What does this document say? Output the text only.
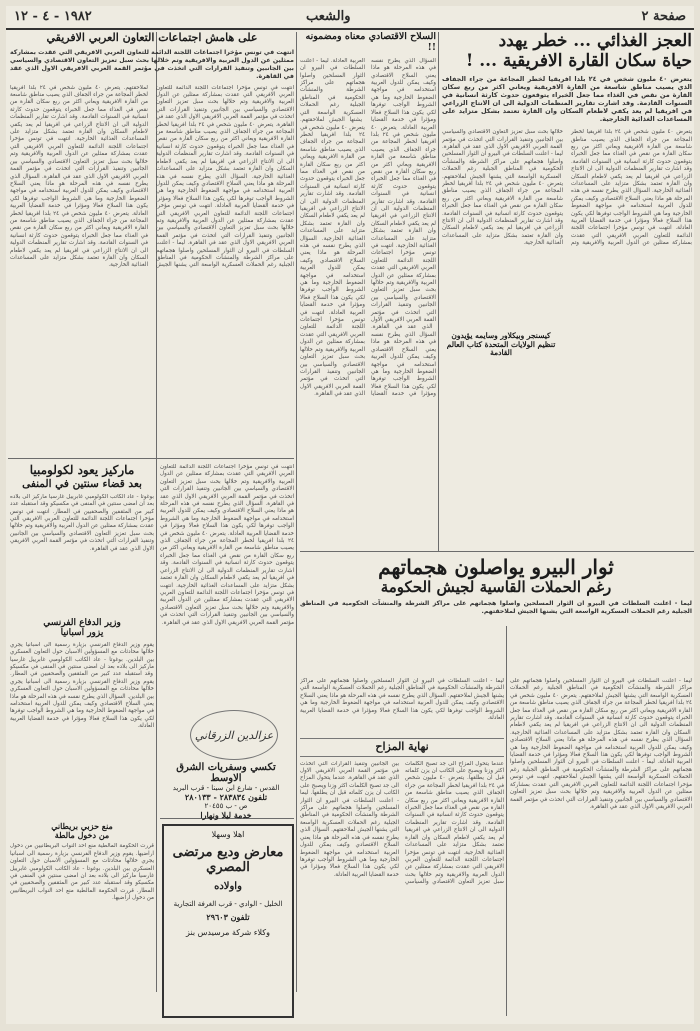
صفحة ٢
والشعب
١٩٨٢ - ٤ - ١٢
العجز الغذائي ... خطر يهدد
حياة سكان القارة الافريقية ... !
يتعرض ٤٠ مليون شخص في ٢٤ بلدا افريقيا لخطر المجاعة من جراء الجفاف الذي يصيب مناطق شاسعة من القارة الافريقية ويعاني اكثر من ربع سكان القارة من نقص في الغذاء مما جعل الخبراء يتوقعون حدوث كارثة انسانية في السنوات القادمة. وقد اشارت تقارير المنظمات الدولية الى ان الانتاج الزراعي في افريقيا لم يعد يكفي لاطعام السكان وان القارة تعتمد بشكل متزايد على المساعدات الغذائية الخارجية.
يتعرض ٤٠ مليون شخص في ٢٤ بلدا افريقيا لخطر المجاعة من جراء الجفاف الذي يصيب مناطق شاسعة من القارة الافريقية ويعاني اكثر من ربع سكان القارة من نقص في الغذاء مما جعل الخبراء يتوقعون حدوث كارثة انسانية في السنوات القادمة. وقد اشارت تقارير المنظمات الدولية الى ان الانتاج الزراعي في افريقيا لم يعد يكفي لاطعام السكان وان القارة تعتمد بشكل متزايد على المساعدات الغذائية الخارجية. السؤال الذي يطرح نفسه في هذه المرحلة هو ماذا يعني السلاح الاقتصادي وكيف يمكن للدول العربية استخدامه في مواجهة الضغوط الخارجية وما هي الشروط الواجب توفرها لكي يكون هذا السلاح فعالا ومؤثرا في خدمة القضايا العربية العادلة. انتهت في تونس مؤخرا اجتماعات اللجنة الدائمة للتعاون العربي الافريقي التي عقدت بمشاركة ممثلين عن الدول العربية والافريقية وتم خلالها بحث سبل تعزيز التعاون الاقتصادي والسياسي بين الجانبين وتنفيذ القرارات التي اتخذت في مؤتمر القمة العربي الافريقي الاول الذي عقد في القاهرة. ليما - اعلنت السلطات في البيرو ان الثوار المسلحين واصلوا هجماتهم على مراكز الشرطة والمنشآت الحكومية في المناطق الجبلية رغم الحملات العسكرية الواسعة التي يشنها الجيش لملاحقتهم. يتعرض ٤٠ مليون شخص في ٢٤ بلدا افريقيا لخطر المجاعة من جراء الجفاف الذي يصيب مناطق شاسعة من القارة الافريقية ويعاني اكثر من ربع سكان القارة من نقص في الغذاء مما جعل الخبراء يتوقعون حدوث كارثة انسانية في السنوات القادمة. وقد اشارت تقارير المنظمات الدولية الى ان الانتاج الزراعي في افريقيا لم يعد يكفي لاطعام السكان وان القارة تعتمد بشكل متزايد على المساعدات الغذائية الخارجية.
كيسنجر وبيكلاور وسايمه يؤيدون تنظيم الولايات المتحدة كتاب العالم القادمة
السلاح الاقتصادي معناه ومضمونه !!
السؤال الذي يطرح نفسه في هذه المرحلة هو ماذا يعني السلاح الاقتصادي وكيف يمكن للدول العربية استخدامه في مواجهة الضغوط الخارجية وما هي الشروط الواجب توفرها لكي يكون هذا السلاح فعالا ومؤثرا في خدمة القضايا العربية العادلة. يتعرض ٤٠ مليون شخص في ٢٤ بلدا افريقيا لخطر المجاعة من جراء الجفاف الذي يصيب مناطق شاسعة من القارة الافريقية ويعاني اكثر من ربع سكان القارة من نقص في الغذاء مما جعل الخبراء يتوقعون حدوث كارثة انسانية في السنوات القادمة. وقد اشارت تقارير المنظمات الدولية الى ان الانتاج الزراعي في افريقيا لم يعد يكفي لاطعام السكان وان القارة تعتمد بشكل متزايد على المساعدات الغذائية الخارجية. انتهت في تونس مؤخرا اجتماعات اللجنة الدائمة للتعاون العربي الافريقي التي عقدت بمشاركة ممثلين عن الدول العربية والافريقية وتم خلالها بحث سبل تعزيز التعاون الاقتصادي والسياسي بين الجانبين وتنفيذ القرارات التي اتخذت في مؤتمر القمة العربي الافريقي الاول الذي عقد في القاهرة. السؤال الذي يطرح نفسه في هذه المرحلة هو ماذا يعني السلاح الاقتصادي وكيف يمكن للدول العربية استخدامه في مواجهة الضغوط الخارجية وما هي الشروط الواجب توفرها لكي يكون هذا السلاح فعالا ومؤثرا في خدمة القضايا العربية العادلة. ليما - اعلنت السلطات في البيرو ان الثوار المسلحين واصلوا هجماتهم على مراكز الشرطة والمنشآت الحكومية في المناطق الجبلية رغم الحملات العسكرية الواسعة التي يشنها الجيش لملاحقتهم. يتعرض ٤٠ مليون شخص في ٢٤ بلدا افريقيا لخطر المجاعة من جراء الجفاف الذي يصيب مناطق شاسعة من القارة الافريقية ويعاني اكثر من ربع سكان القارة من نقص في الغذاء مما جعل الخبراء يتوقعون حدوث كارثة انسانية في السنوات القادمة. وقد اشارت تقارير المنظمات الدولية الى ان الانتاج الزراعي في افريقيا لم يعد يكفي لاطعام السكان وان القارة تعتمد بشكل متزايد على المساعدات الغذائية الخارجية. السؤال الذي يطرح نفسه في هذه المرحلة هو ماذا يعني السلاح الاقتصادي وكيف يمكن للدول العربية استخدامه في مواجهة الضغوط الخارجية وما هي الشروط الواجب توفرها لكي يكون هذا السلاح فعالا ومؤثرا في خدمة القضايا العربية العادلة. انتهت في تونس مؤخرا اجتماعات اللجنة الدائمة للتعاون العربي الافريقي التي عقدت بمشاركة ممثلين عن الدول العربية والافريقية وتم خلالها بحث سبل تعزيز التعاون الاقتصادي والسياسي بين الجانبين وتنفيذ القرارات التي اتخذت في مؤتمر القمة العربي الافريقي الاول الذي عقد في القاهرة.
ثوار البيرو يواصلون هجماتهم
رغم الحملات القاسية لجيش الحكومة
ليما - اعلنت السلطات في البيرو ان الثوار المسلحين واصلوا هجماتهم على مراكز الشرطة والمنشآت الحكومية في المناطق الجبلية رغم الحملات العسكرية الواسعة التي يشنها الجيش لملاحقتهم.
ليما - اعلنت السلطات في البيرو ان الثوار المسلحين واصلوا هجماتهم على مراكز الشرطة والمنشآت الحكومية في المناطق الجبلية رغم الحملات العسكرية الواسعة التي يشنها الجيش لملاحقتهم. يتعرض ٤٠ مليون شخص في ٢٤ بلدا افريقيا لخطر المجاعة من جراء الجفاف الذي يصيب مناطق شاسعة من القارة الافريقية ويعاني اكثر من ربع سكان القارة من نقص في الغذاء مما جعل الخبراء يتوقعون حدوث كارثة انسانية في السنوات القادمة. وقد اشارت تقارير المنظمات الدولية الى ان الانتاج الزراعي في افريقيا لم يعد يكفي لاطعام السكان وان القارة تعتمد بشكل متزايد على المساعدات الغذائية الخارجية. السؤال الذي يطرح نفسه في هذه المرحلة هو ماذا يعني السلاح الاقتصادي وكيف يمكن للدول العربية استخدامه في مواجهة الضغوط الخارجية وما هي الشروط الواجب توفرها لكي يكون هذا السلاح فعالا ومؤثرا في خدمة القضايا العربية العادلة. ليما - اعلنت السلطات في البيرو ان الثوار المسلحين واصلوا هجماتهم على مراكز الشرطة والمنشآت الحكومية في المناطق الجبلية رغم الحملات العسكرية الواسعة التي يشنها الجيش لملاحقتهم. انتهت في تونس مؤخرا اجتماعات اللجنة الدائمة للتعاون العربي الافريقي التي عقدت بمشاركة ممثلين عن الدول العربية والافريقية وتم خلالها بحث سبل تعزيز التعاون الاقتصادي والسياسي بين الجانبين وتنفيذ القرارات التي اتخذت في مؤتمر القمة العربي الافريقي الاول الذي عقد في القاهرة.
ليما - اعلنت السلطات في البيرو ان الثوار المسلحين واصلوا هجماتهم على مراكز الشرطة والمنشآت الحكومية في المناطق الجبلية رغم الحملات العسكرية الواسعة التي يشنها الجيش لملاحقتهم. السؤال الذي يطرح نفسه في هذه المرحلة هو ماذا يعني السلاح الاقتصادي وكيف يمكن للدول العربية استخدامه في مواجهة الضغوط الخارجية وما هي الشروط الواجب توفرها لكي يكون هذا السلاح فعالا ومؤثرا في خدمة القضايا العربية العادلة.
نهاية المزاح
عندما يتحول المزاح الى جد تصبح الكلمات اكثر وزنا ويصبح على الكاتب ان يزن كلماته قبل ان يطلقها. يتعرض ٤٠ مليون شخص في ٢٤ بلدا افريقيا لخطر المجاعة من جراء الجفاف الذي يصيب مناطق شاسعة من القارة الافريقية ويعاني اكثر من ربع سكان القارة من نقص في الغذاء مما جعل الخبراء يتوقعون حدوث كارثة انسانية في السنوات القادمة. وقد اشارت تقارير المنظمات الدولية الى ان الانتاج الزراعي في افريقيا لم يعد يكفي لاطعام السكان وان القارة تعتمد بشكل متزايد على المساعدات الغذائية الخارجية. انتهت في تونس مؤخرا اجتماعات اللجنة الدائمة للتعاون العربي الافريقي التي عقدت بمشاركة ممثلين عن الدول العربية والافريقية وتم خلالها بحث سبل تعزيز التعاون الاقتصادي والسياسي بين الجانبين وتنفيذ القرارات التي اتخذت في مؤتمر القمة العربي الافريقي الاول الذي عقد في القاهرة. عندما يتحول المزاح الى جد تصبح الكلمات اكثر وزنا ويصبح على الكاتب ان يزن كلماته قبل ان يطلقها. ليما - اعلنت السلطات في البيرو ان الثوار المسلحين واصلوا هجماتهم على مراكز الشرطة والمنشآت الحكومية في المناطق الجبلية رغم الحملات العسكرية الواسعة التي يشنها الجيش لملاحقتهم. السؤال الذي يطرح نفسه في هذه المرحلة هو ماذا يعني السلاح الاقتصادي وكيف يمكن للدول العربية استخدامه في مواجهة الضغوط الخارجية وما هي الشروط الواجب توفرها لكي يكون هذا السلاح فعالا ومؤثرا في خدمة القضايا العربية العادلة.
على هامش اجتماعات التعاون العربي الافريقي
انتهت في تونس مؤخرا اجتماعات اللجنة الدائمة للتعاون العربي الافريقي التي عقدت بمشاركة ممثلين عن الدول العربية والافريقية وتم خلالها بحث سبل تعزيز التعاون الاقتصادي والسياسي بين الجانبين وتنفيذ القرارات التي اتخذت في مؤتمر القمة العربي الافريقي الاول الذي عقد في القاهرة.
انتهت في تونس مؤخرا اجتماعات اللجنة الدائمة للتعاون العربي الافريقي التي عقدت بمشاركة ممثلين عن الدول العربية والافريقية وتم خلالها بحث سبل تعزيز التعاون الاقتصادي والسياسي بين الجانبين وتنفيذ القرارات التي اتخذت في مؤتمر القمة العربي الافريقي الاول الذي عقد في القاهرة. يتعرض ٤٠ مليون شخص في ٢٤ بلدا افريقيا لخطر المجاعة من جراء الجفاف الذي يصيب مناطق شاسعة من القارة الافريقية ويعاني اكثر من ربع سكان القارة من نقص في الغذاء مما جعل الخبراء يتوقعون حدوث كارثة انسانية في السنوات القادمة. وقد اشارت تقارير المنظمات الدولية الى ان الانتاج الزراعي في افريقيا لم يعد يكفي لاطعام السكان وان القارة تعتمد بشكل متزايد على المساعدات الغذائية الخارجية. السؤال الذي يطرح نفسه في هذه المرحلة هو ماذا يعني السلاح الاقتصادي وكيف يمكن للدول العربية استخدامه في مواجهة الضغوط الخارجية وما هي الشروط الواجب توفرها لكي يكون هذا السلاح فعالا ومؤثرا في خدمة القضايا العربية العادلة. انتهت في تونس مؤخرا اجتماعات اللجنة الدائمة للتعاون العربي الافريقي التي عقدت بمشاركة ممثلين عن الدول العربية والافريقية وتم خلالها بحث سبل تعزيز التعاون الاقتصادي والسياسي بين الجانبين وتنفيذ القرارات التي اتخذت في مؤتمر القمة العربي الافريقي الاول الذي عقد في القاهرة. ليما - اعلنت السلطات في البيرو ان الثوار المسلحين واصلوا هجماتهم على مراكز الشرطة والمنشآت الحكومية في المناطق الجبلية رغم الحملات العسكرية الواسعة التي يشنها الجيش لملاحقتهم. يتعرض ٤٠ مليون شخص في ٢٤ بلدا افريقيا لخطر المجاعة من جراء الجفاف الذي يصيب مناطق شاسعة من القارة الافريقية ويعاني اكثر من ربع سكان القارة من نقص في الغذاء مما جعل الخبراء يتوقعون حدوث كارثة انسانية في السنوات القادمة. وقد اشارت تقارير المنظمات الدولية الى ان الانتاج الزراعي في افريقيا لم يعد يكفي لاطعام السكان وان القارة تعتمد بشكل متزايد على المساعدات الغذائية الخارجية. انتهت في تونس مؤخرا اجتماعات اللجنة الدائمة للتعاون العربي الافريقي التي عقدت بمشاركة ممثلين عن الدول العربية والافريقية وتم خلالها بحث سبل تعزيز التعاون الاقتصادي والسياسي بين الجانبين وتنفيذ القرارات التي اتخذت في مؤتمر القمة العربي الافريقي الاول الذي عقد في القاهرة. السؤال الذي يطرح نفسه في هذه المرحلة هو ماذا يعني السلاح الاقتصادي وكيف يمكن للدول العربية استخدامه في مواجهة الضغوط الخارجية وما هي الشروط الواجب توفرها لكي يكون هذا السلاح فعالا ومؤثرا في خدمة القضايا العربية العادلة. يتعرض ٤٠ مليون شخص في ٢٤ بلدا افريقيا لخطر المجاعة من جراء الجفاف الذي يصيب مناطق شاسعة من القارة الافريقية ويعاني اكثر من ربع سكان القارة من نقص في الغذاء مما جعل الخبراء يتوقعون حدوث كارثة انسانية في السنوات القادمة. وقد اشارت تقارير المنظمات الدولية الى ان الانتاج الزراعي في افريقيا لم يعد يكفي لاطعام السكان وان القارة تعتمد بشكل متزايد على المساعدات الغذائية الخارجية.
ماركيز يعود لكولومبيا
بعد قضاء سنتين في المنفى
بوغوتا - عاد الكاتب الكولومبي غابرييل غارسيا ماركيز الى بلاده بعد ان امضى سنتين في المنفى في مكسيكو وقد استقبله عدد كبير من المثقفين والصحفيين في المطار. انتهت في تونس مؤخرا اجتماعات اللجنة الدائمة للتعاون العربي الافريقي التي عقدت بمشاركة ممثلين عن الدول العربية والافريقية وتم خلالها بحث سبل تعزيز التعاون الاقتصادي والسياسي بين الجانبين وتنفيذ القرارات التي اتخذت في مؤتمر القمة العربي الافريقي الاول الذي عقد في القاهرة.
وزير الدفاع الفرنسي
يزور اسبانيا
يقوم وزير الدفاع الفرنسي بزيارة رسمية الى اسبانيا يجري خلالها محادثات مع المسؤولين الاسبان حول التعاون العسكري بين البلدين. بوغوتا - عاد الكاتب الكولومبي غابرييل غارسيا ماركيز الى بلاده بعد ان امضى سنتين في المنفى في مكسيكو وقد استقبله عدد كبير من المثقفين والصحفيين في المطار. يقوم وزير الدفاع الفرنسي بزيارة رسمية الى اسبانيا يجري خلالها محادثات مع المسؤولين الاسبان حول التعاون العسكري بين البلدين. السؤال الذي يطرح نفسه في هذه المرحلة هو ماذا يعني السلاح الاقتصادي وكيف يمكن للدول العربية استخدامه في مواجهة الضغوط الخارجية وما هي الشروط الواجب توفرها لكي يكون هذا السلاح فعالا ومؤثرا في خدمة القضايا العربية العادلة.
منع حزبي بريطاني
من دخول مالطة
قررت الحكومة المالطية منع احد النواب البريطانيين من دخول اراضيها. يقوم وزير الدفاع الفرنسي بزيارة رسمية الى اسبانيا يجري خلالها محادثات مع المسؤولين الاسبان حول التعاون العسكري بين البلدين. بوغوتا - عاد الكاتب الكولومبي غابرييل غارسيا ماركيز الى بلاده بعد ان امضى سنتين في المنفى في مكسيكو وقد استقبله عدد كبير من المثقفين والصحفيين في المطار. قررت الحكومة المالطية منع احد النواب البريطانيين من دخول اراضيها.
انتهت في تونس مؤخرا اجتماعات اللجنة الدائمة للتعاون العربي الافريقي التي عقدت بمشاركة ممثلين عن الدول العربية والافريقية وتم خلالها بحث سبل تعزيز التعاون الاقتصادي والسياسي بين الجانبين وتنفيذ القرارات التي اتخذت في مؤتمر القمة العربي الافريقي الاول الذي عقد في القاهرة. السؤال الذي يطرح نفسه في هذه المرحلة هو ماذا يعني السلاح الاقتصادي وكيف يمكن للدول العربية استخدامه في مواجهة الضغوط الخارجية وما هي الشروط الواجب توفرها لكي يكون هذا السلاح فعالا ومؤثرا في خدمة القضايا العربية العادلة. يتعرض ٤٠ مليون شخص في ٢٤ بلدا افريقيا لخطر المجاعة من جراء الجفاف الذي يصيب مناطق شاسعة من القارة الافريقية ويعاني اكثر من ربع سكان القارة من نقص في الغذاء مما جعل الخبراء يتوقعون حدوث كارثة انسانية في السنوات القادمة. وقد اشارت تقارير المنظمات الدولية الى ان الانتاج الزراعي في افريقيا لم يعد يكفي لاطعام السكان وان القارة تعتمد بشكل متزايد على المساعدات الغذائية الخارجية. انتهت في تونس مؤخرا اجتماعات اللجنة الدائمة للتعاون العربي الافريقي التي عقدت بمشاركة ممثلين عن الدول العربية والافريقية وتم خلالها بحث سبل تعزيز التعاون الاقتصادي والسياسي بين الجانبين وتنفيذ القرارات التي اتخذت في مؤتمر القمة العربي الافريقي الاول الذي عقد في القاهرة.
عزالدين الزرقاني
تكسي وسفريات الشرق الاوسط
القدس - شارع ابن سينا - قرب البريد
تلفون ٢٨٣٨٣٤ - ٢٨٠١٣٣
ص - ب ٢٠٤٥٥
خدمة ليلا ونهارا
اهلا وسهلا
معارض وديع مرتضى المصري
واولاده
الخليل - الوادي - قرب الغرفة التجارية
تلفون ٢٩٦٠٣
وكلاء شركة مرسيدس بنز
